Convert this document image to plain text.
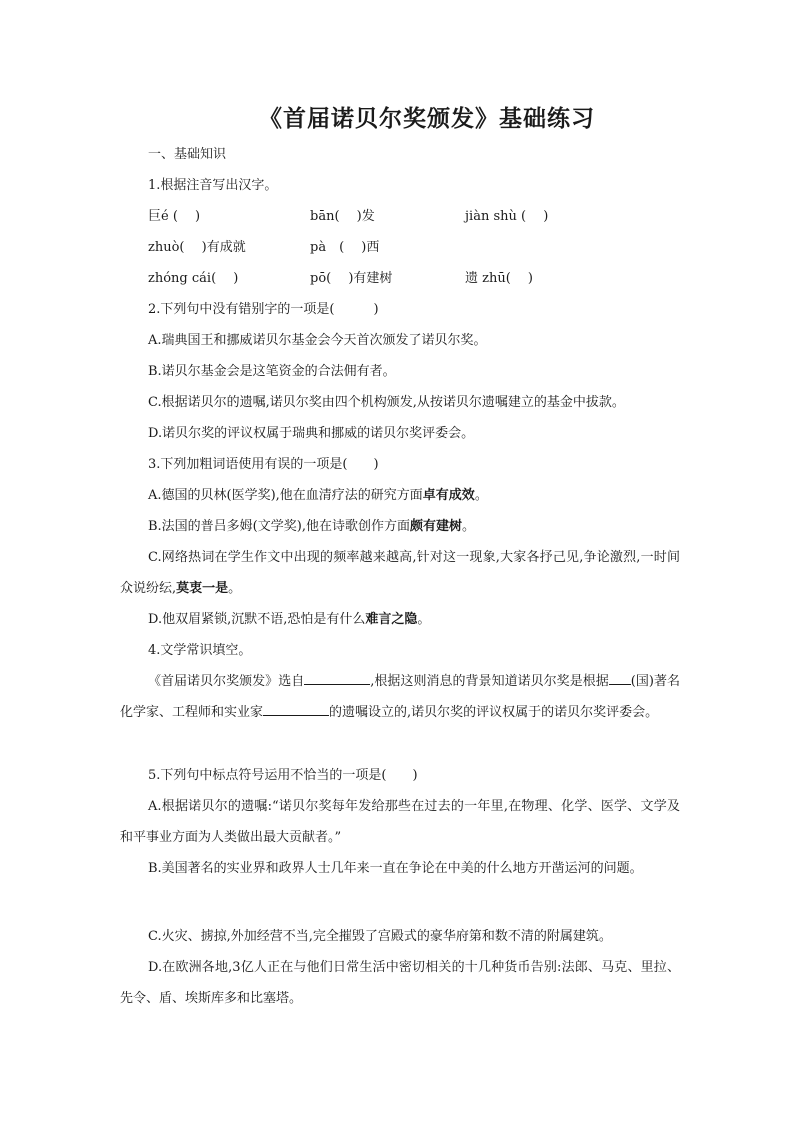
《首届诺贝尔奖颁发》基础练习
一、基础知识
1.根据注音写出汉字。
巨é (　 )	bān(　 )发	jiàn shù (　 )
zhuò(　 )有成就	pà　(　 )西
zhóng cái(　 )	pō(　 )有建树	遗 zhū(　 )
2.下列句中没有错别字的一项是(　　　)
A.瑞典国王和挪威诺贝尔基金会今天首次颁发了诺贝尔奖。
B.诺贝尔基金会是这笔资金的合法佣有者。
C.根据诺贝尔的遗嘱,诺贝尔奖由四个机构颁发,从按诺贝尔遗嘱建立的基金中拔款。
D.诺贝尔奖的评议权属于瑞典和挪威的诺贝尔奖评委会。
3.下列加粗词语使用有误的一项是(　　)
A.德国的贝林(医学奖),他在血清疗法的研究方面卓有成效。
B.法国的普吕多姆(文学奖),他在诗歌创作方面颇有建树。
C.网络热词在学生作文中出现的频率越来越高,针对这一现象,大家各抒己见,争论激烈,一时间众说纷纭,莫衷一是。
D.他双眉紧锁,沉默不语,恐怕是有什么难言之隐。
4.文学常识填空。
《首届诺贝尔奖颁发》选自	,根据这则消息的背景知道诺贝尔奖是根据 (国)著名化学家、工程师和实业家	的遗嘱设立的,诺贝尔奖的评议权属于的诺贝尔奖评委会。
5.下列句中标点符号运用不恰当的一项是(　　)
A.根据诺贝尔的遗嘱:“诺贝尔奖每年发给那些在过去的一年里,在物理、化学、医学、文学及和平事业方面为人类做出最大贡献者。”
B.美国著名的实业界和政界人士几年来一直在争论在中美的什么地方开凿运河的问题。
C.火灾、掳掠,外加经营不当,完全摧毁了宫殿式的豪华府第和数不清的附属建筑。
D.在欧洲各地,3亿人正在与他们日常生活中密切相关的十几种货币告别:法郎、马克、里拉、先令、盾、埃斯库多和比塞塔。
